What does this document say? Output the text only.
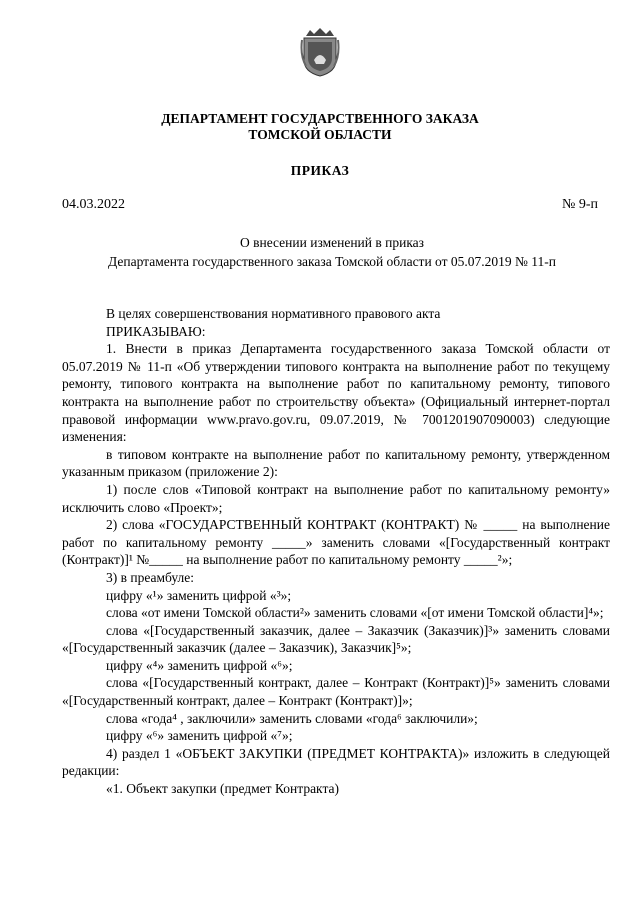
ДЕПАРТАМЕНТ ГОСУДАРСТВЕННОГО ЗАКАЗА
ТОМСКОЙ ОБЛАСТИ
ПРИКАЗ
04.03.2022	№ 9-п
О внесении изменений в приказ
Департамента государственного заказа Томской области от 05.07.2019 № 11-п

В целях совершенствования нормативного правового акта

ПРИКАЗЫВАЮ:

1. Внести в приказ Департамента государственного заказа Томской области от 05.07.2019 № 11-п «Об утверждении типового контракта на выполнение работ по текущему ремонту, типового контракта на выполнение работ по капитальному ремонту, типового контракта на выполнение работ по строительству объекта» (Официальный интернет-портал правовой информации www.pravo.gov.ru, 09.07.2019, № 7001201907090003) следующие изменения:

в типовом контракте на выполнение работ по капитальному ремонту, утвержденном указанным приказом (приложение 2):

1) после слов «Типовой контракт на выполнение работ по капитальному ремонту» исключить слово «Проект»;

2) слова «ГОСУДАРСТВЕННЫЙ КОНТРАКТ (КОНТРАКТ) № _____ на выполнение работ по капитальному ремонту _____» заменить словами «[Государственный контракт (Контракт)]¹ №_____ на выполнение работ по капитальному ремонту _____²»;

3) в преамбуле:

цифру «¹» заменить цифрой «³»;

слова «от имени Томской области²» заменить словами «[от имени Томской области]⁴»;

слова «[Государственный заказчик, далее – Заказчик (Заказчик)]³» заменить словами «[Государственный заказчик (далее – Заказчик), Заказчик]⁵»;

цифру «⁴» заменить цифрой «⁶»;

слова «[Государственный контракт, далее – Контракт (Контракт)]⁵» заменить словами «[Государственный контракт, далее – Контракт (Контракт)]»;

слова «года⁴ , заключили» заменить словами «года⁶ заключили»;

цифру «⁶» заменить цифрой «⁷»;

4) раздел 1 «ОБЪЕКТ ЗАКУПКИ (ПРЕДМЕТ КОНТРАКТА)» изложить в следующей редакции:

«1. Объект закупки (предмет Контракта)
